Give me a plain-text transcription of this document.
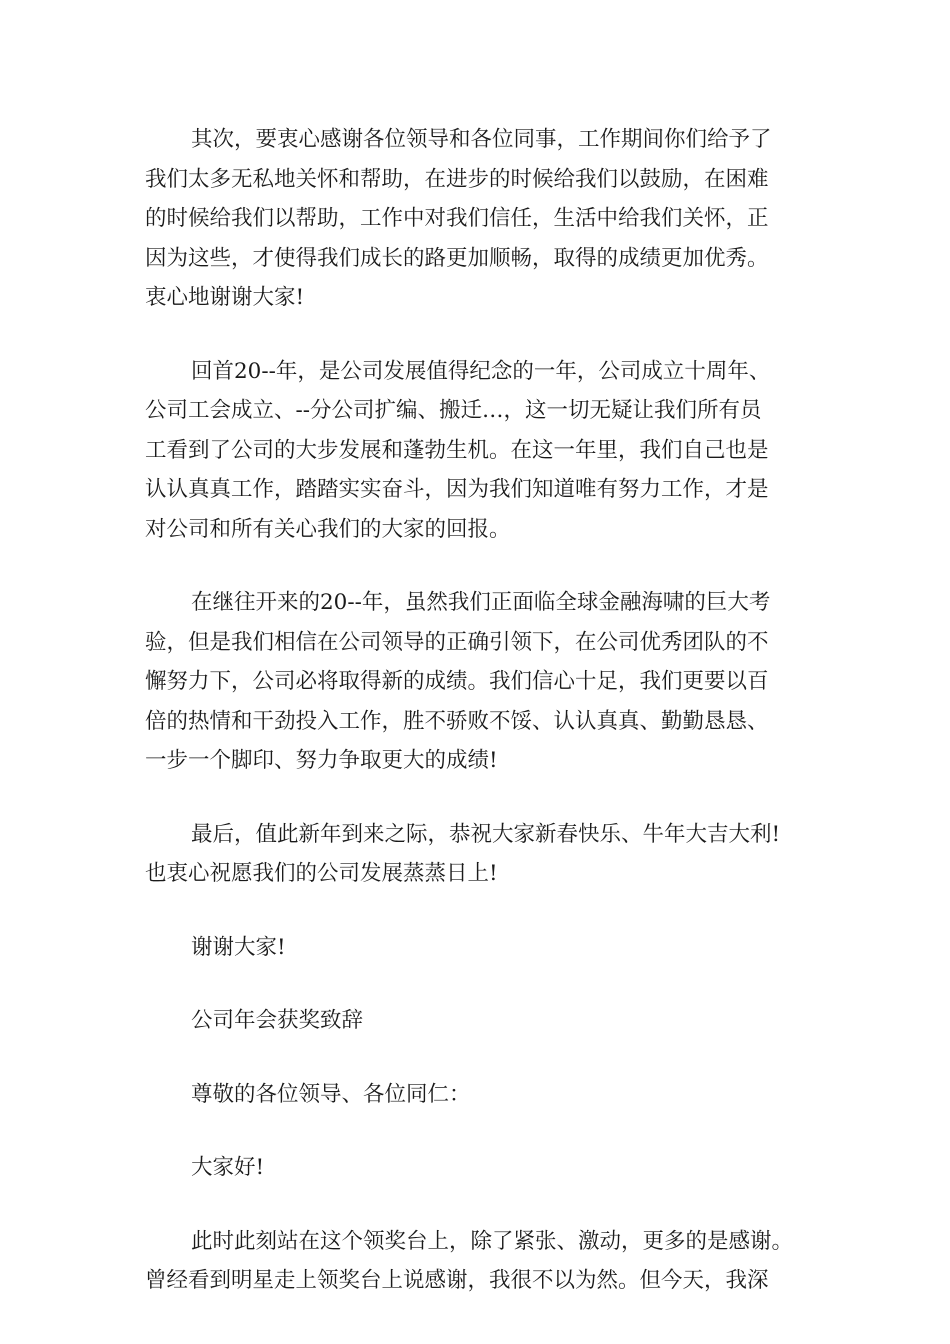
其次，要衷心感谢各位领导和各位同事，工作期间你们给予了
我们太多无私地关怀和帮助，在进步的时候给我们以鼓励，在困难
的时候给我们以帮助，工作中对我们信任，生活中给我们关怀，正
因为这些，才使得我们成长的路更加顺畅，取得的成绩更加优秀。
衷心地谢谢大家!
回首20--年，是公司发展值得纪念的一年，公司成立十周年、
公司工会成立、--分公司扩编、搬迁…，这一切无疑让我们所有员
工看到了公司的大步发展和蓬勃生机。在这一年里，我们自己也是
认认真真工作，踏踏实实奋斗，因为我们知道唯有努力工作，才是
对公司和所有关心我们的大家的回报。
在继往开来的20--年，虽然我们正面临全球金融海啸的巨大考
验，但是我们相信在公司领导的正确引领下，在公司优秀团队的不
懈努力下，公司必将取得新的成绩。我们信心十足，我们更要以百
倍的热情和干劲投入工作，胜不骄败不馁、认认真真、勤勤恳恳、
一步一个脚印、努力争取更大的成绩!
最后，值此新年到来之际，恭祝大家新春快乐、牛年大吉大利!
也衷心祝愿我们的公司发展蒸蒸日上!
谢谢大家!
公司年会获奖致辞
尊敬的各位领导、各位同仁：
大家好!
此时此刻站在这个领奖台上，除了紧张、激动，更多的是感谢。
曾经看到明星走上领奖台上说感谢，我很不以为然。但今天，我深
